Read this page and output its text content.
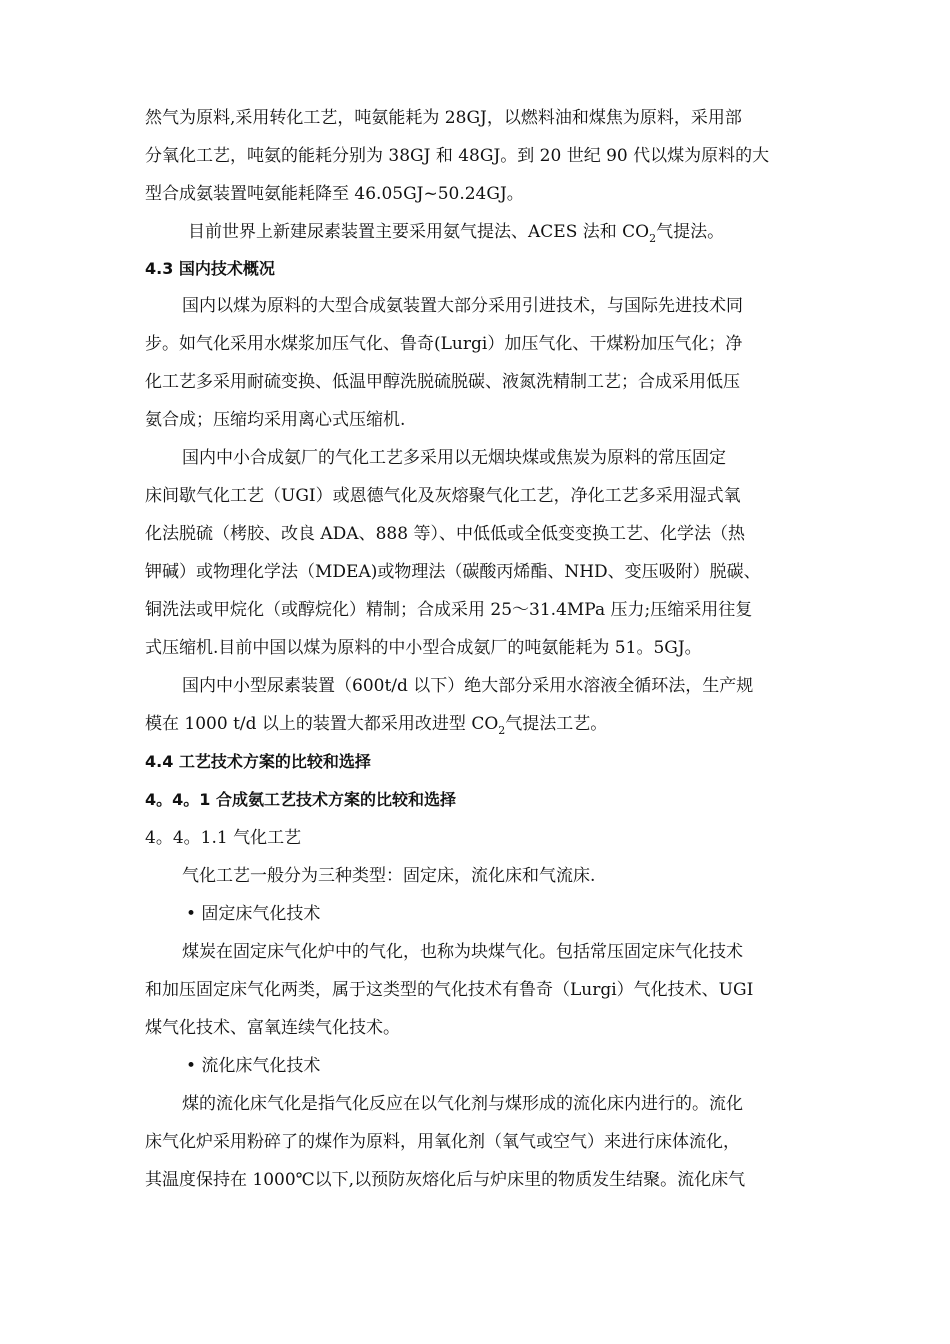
然气为原料,采用转化工艺，吨氨能耗为 28GJ，以燃料油和煤焦为原料，采用部
分氧化工艺，吨氨的能耗分别为 38GJ 和 48GJ。到 20 世纪 90 代以煤为原料的大
型合成氨装置吨氨能耗降至 46.05GJ~50.24GJ。
目前世界上新建尿素装置主要采用氨气提法、ACES 法和 $CO_2$气提法。
4.3 国内技术概况
国内以煤为原料的大型合成氨装置大部分采用引进技术，与国际先进技术同
步。如气化采用水煤浆加压气化、鲁奇(Lurgi）加压气化、干煤粉加压气化；净
化工艺多采用耐硫变换、低温甲醇洗脱硫脱碳、液氮洗精制工艺；合成采用低压
氨合成；压缩均采用离心式压缩机.
国内中小合成氨厂的气化工艺多采用以无烟块煤或焦炭为原料的常压固定
床间歇气化工艺（UGI）或恩德气化及灰熔聚气化工艺，净化工艺多采用湿式氧
化法脱硫（栲胶、改良 ADA、888 等）、中低低或全低变变换工艺、化学法（热
钾碱）或物理化学法（MDEA)或物理法（碳酸丙烯酯、NHD、变压吸附）脱碳、
铜洗法或甲烷化（或醇烷化）精制；合成采用 25～31.4MPa 压力;压缩采用往复
式压缩机.目前中国以煤为原料的中小型合成氨厂的吨氨能耗为 51。5GJ。
国内中小型尿素装置（600t/d 以下）绝大部分采用水溶液全循环法，生产规
模在 1000 t/d 以上的装置大都采用改进型 $CO_2$气提法工艺。
4.4 工艺技术方案的比较和选择
4。4。1 合成氨工艺技术方案的比较和选择
4。4。1.1 气化工艺
气化工艺一般分为三种类型：固定床，流化床和气流床.
• 固定床气化技术
煤炭在固定床气化炉中的气化，也称为块煤气化。包括常压固定床气化技术
和加压固定床气化两类，属于这类型的气化技术有鲁奇（Lurgi）气化技术、UGI
煤气化技术、富氧连续气化技术。
• 流化床气化技术
煤的流化床气化是指气化反应在以气化剂与煤形成的流化床内进行的。流化
床气化炉采用粉碎了的煤作为原料，用氧化剂（氧气或空气）来进行床体流化，
其温度保持在 1000℃以下,以预防灰熔化后与炉床里的物质发生结聚。流化床气
